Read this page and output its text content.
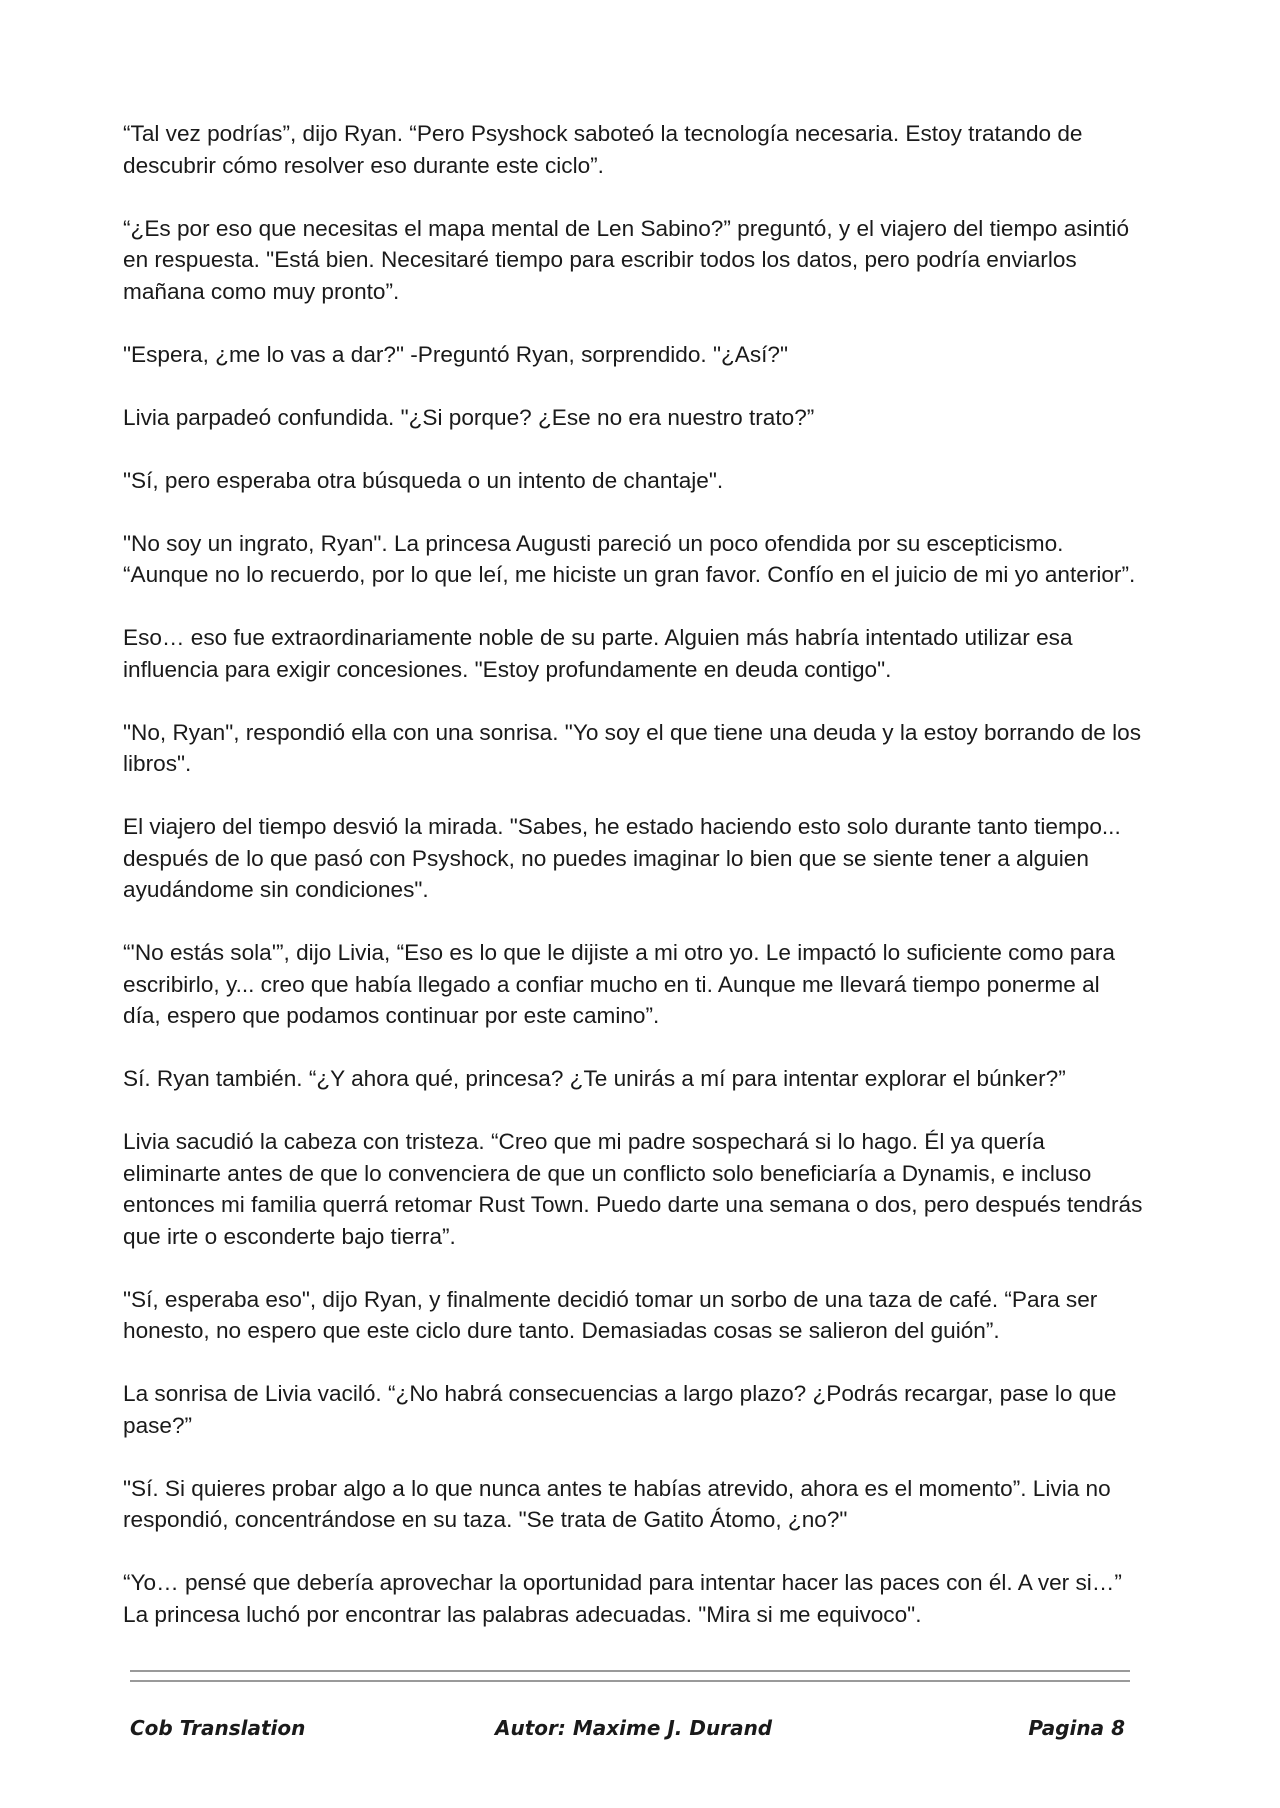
“Tal vez podrías”, dijo Ryan. “Pero Psyshock saboteó la tecnología necesaria. Estoy tratando de descubrir cómo resolver eso durante este ciclo”.

“¿Es por eso que necesitas el mapa mental de Len Sabino?” preguntó, y el viajero del tiempo asintió en respuesta. "Está bien. Necesitaré tiempo para escribir todos los datos, pero podría enviarlos mañana como muy pronto”.

"Espera, ¿me lo vas a dar?" -Preguntó Ryan, sorprendido. "¿Así?"

Livia parpadeó confundida. "¿Si porque? ¿Ese no era nuestro trato?”

"Sí, pero esperaba otra búsqueda o un intento de chantaje".

"No soy un ingrato, Ryan". La princesa Augusti pareció un poco ofendida por su escepticismo. “Aunque no lo recuerdo, por lo que leí, me hiciste un gran favor. Confío en el juicio de mi yo anterior”.

Eso… eso fue extraordinariamente noble de su parte. Alguien más habría intentado utilizar esa influencia para exigir concesiones. "Estoy profundamente en deuda contigo".

"No, Ryan", respondió ella con una sonrisa. "Yo soy el que tiene una deuda y la estoy borrando de los libros".

El viajero del tiempo desvió la mirada. "Sabes, he estado haciendo esto solo durante tanto tiempo... después de lo que pasó con Psyshock, no puedes imaginar lo bien que se siente tener a alguien ayudándome sin condiciones".

“'No estás sola'”, dijo Livia, “Eso es lo que le dijiste a mi otro yo. Le impactó lo suficiente como para escribirlo, y... creo que había llegado a confiar mucho en ti. Aunque me llevará tiempo ponerme al día, espero que podamos continuar por este camino”.

Sí. Ryan también. “¿Y ahora qué, princesa? ¿Te unirás a mí para intentar explorar el búnker?”

Livia sacudió la cabeza con tristeza. “Creo que mi padre sospechará si lo hago. Él ya quería eliminarte antes de que lo convenciera de que un conflicto solo beneficiaría a Dynamis, e incluso entonces mi familia querrá retomar Rust Town. Puedo darte una semana o dos, pero después tendrás que irte o esconderte bajo tierra”.

"Sí, esperaba eso", dijo Ryan, y finalmente decidió tomar un sorbo de una taza de café. “Para ser honesto, no espero que este ciclo dure tanto. Demasiadas cosas se salieron del guión”.

La sonrisa de Livia vaciló. “¿No habrá consecuencias a largo plazo? ¿Podrás recargar, pase lo que pase?”

"Sí. Si quieres probar algo a lo que nunca antes te habías atrevido, ahora es el momento”. Livia no respondió, concentrándose en su taza. "Se trata de Gatito Átomo, ¿no?"

“Yo… pensé que debería aprovechar la oportunidad para intentar hacer las paces con él. A ver si…” La princesa luchó por encontrar las palabras adecuadas. "Mira si me equivoco".

Cob Translation	Autor: Maxime J. Durand	Pagina 8
